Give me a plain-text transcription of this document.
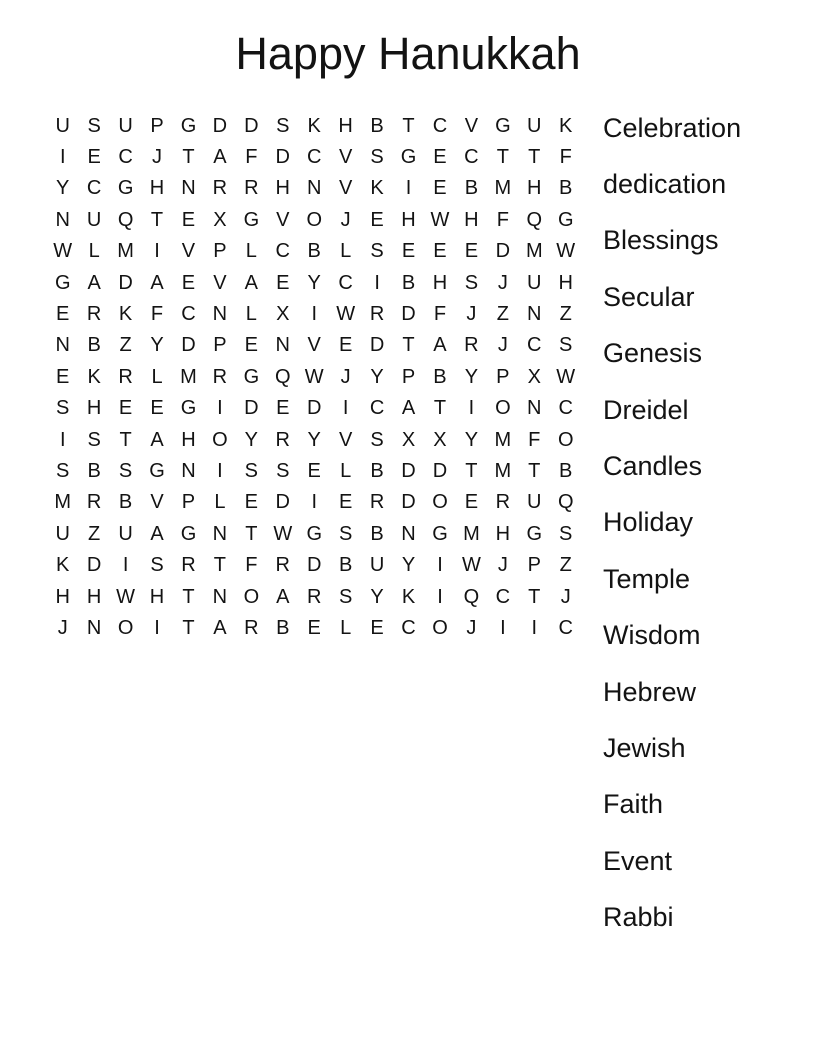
Happy Hanukkah
U S U P G D D S K H B T C V G U K
I	E C J	T A F D C V S G E C T T F
Y C G H N R R H N V K	I	E B M H B
N U Q T E X G V O J E H W H F Q G
W L M	I	V P L C B L S E E E D M W
G A D A E V A E Y C	I	B H S J U H
E R K F C N L X	I W R D F	J	Z N Z
N B Z Y D P E N V E D T A R J C S
E K R L M R G Q W J Y P B Y P X W
S H E E G	I	D E D	I	C A T	I	O N C
I	S T A H O Y R Y V S X X Y M F O
S B S G N	I	S S E L B D D T M T B
M R B V P L E D	I	E R D O E R U Q
U Z U A G N T W G S B N G M H G S
K D	I	S R T F R D B U Y	I W J P Z
H H W H T N O A R S Y K	I	Q C T	J
J N O	I	T A R B E L E C O J	I	I	C
Celebration
dedication
Blessings
Secular
Genesis
Dreidel
Candles
Holiday
Temple
Wisdom
Hebrew
Jewish
Faith
Event
Rabbi
